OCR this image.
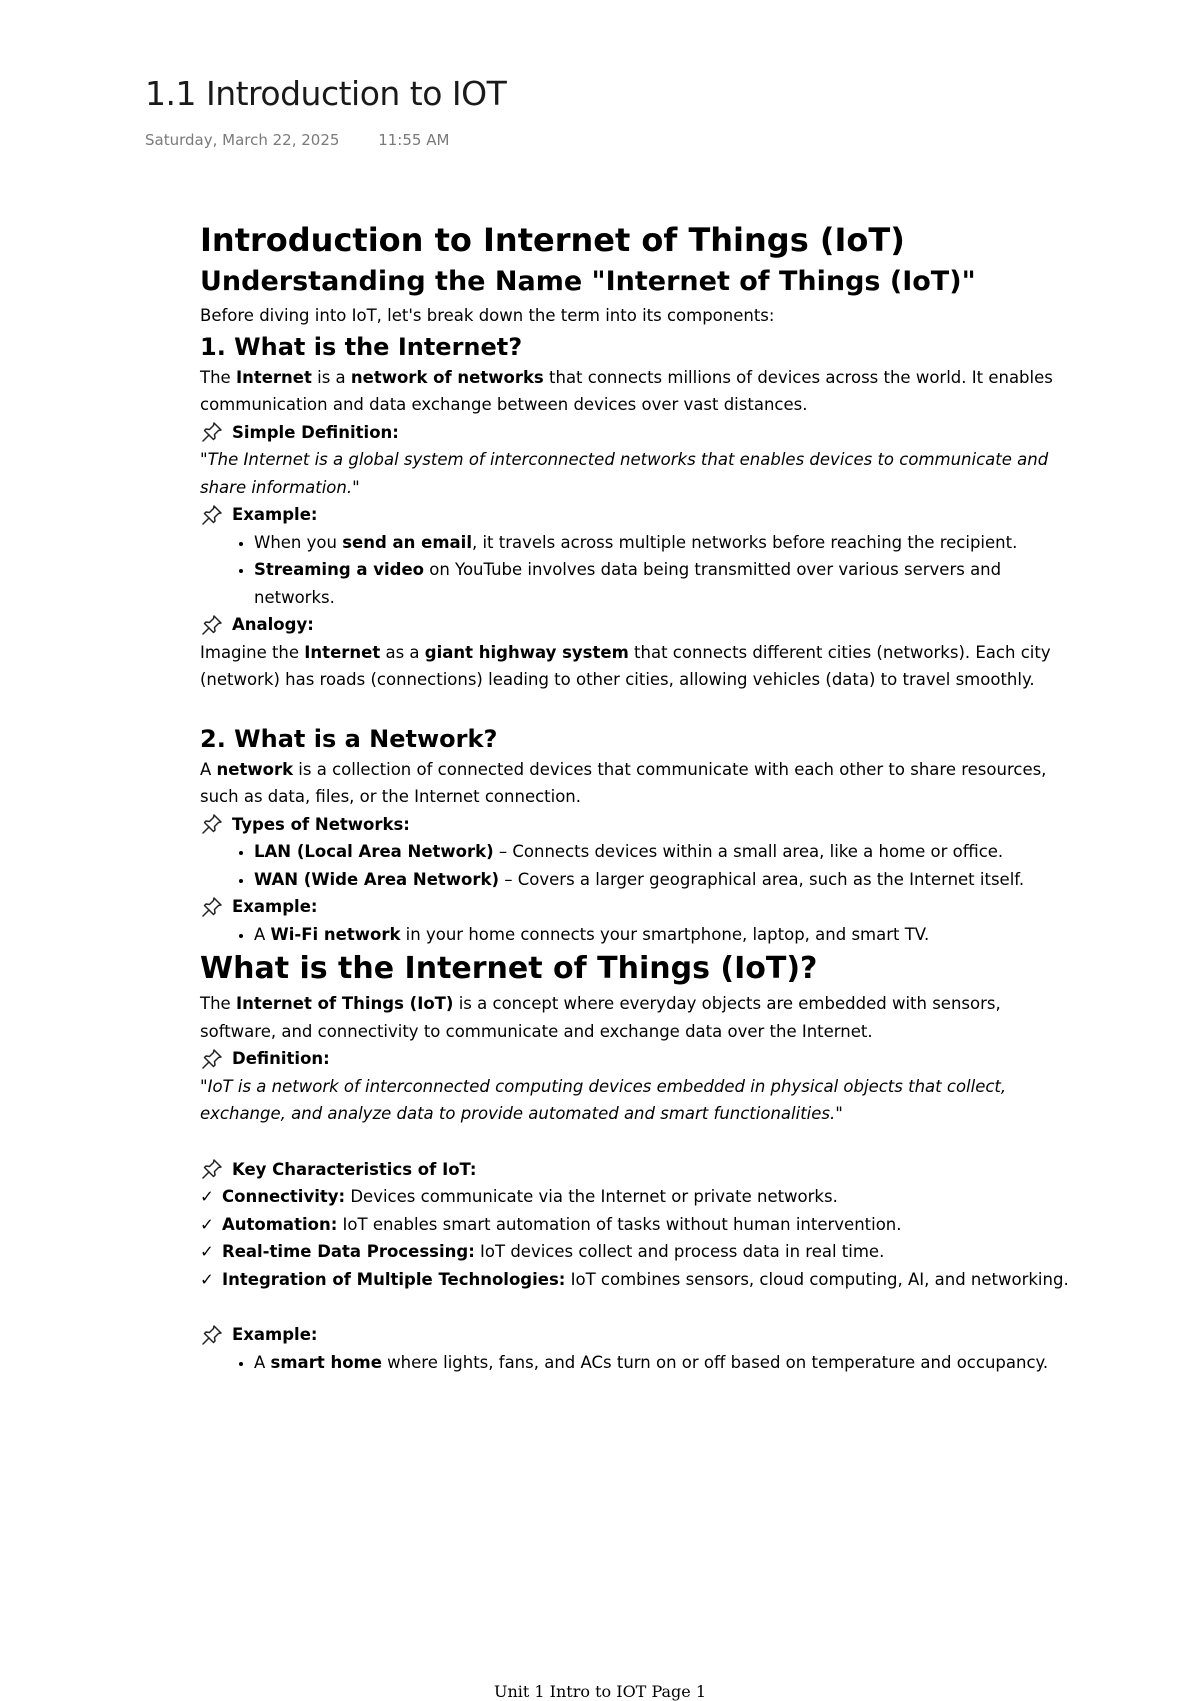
1.1 Introduction to IOT
Saturday, March 22, 2025	11:55 AM

Introduction to Internet of Things (IoT)

Understanding the Name "Internet of Things (IoT)"

Before diving into IoT, let's break down the term into its components:

1. What is the Internet?

The Internet is a network of networks that connects millions of devices across the world. It enables communication and data exchange between devices over vast distances.

Simple Definition:

"The Internet is a global system of interconnected networks that enables devices to communicate and share information."

Example:

• When you send an email, it travels across multiple networks before reaching the recipient.
• Streaming a video on YouTube involves data being transmitted over various servers and networks.

Analogy:

Imagine the Internet as a giant highway system that connects different cities (networks). Each city (network) has roads (connections) leading to other cities, allowing vehicles (data) to travel smoothly.

2. What is a Network?

A network is a collection of connected devices that communicate with each other to share resources, such as data, files, or the Internet connection.

Types of Networks:

• LAN (Local Area Network) – Connects devices within a small area, like a home or office.
• WAN (Wide Area Network) – Covers a larger geographical area, such as the Internet itself.

Example:

• A Wi-Fi network in your home connects your smartphone, laptop, and smart TV.

What is the Internet of Things (IoT)?

The Internet of Things (IoT) is a concept where everyday objects are embedded with sensors, software, and connectivity to communicate and exchange data over the Internet.

Definition:

"IoT is a network of interconnected computing devices embedded in physical objects that collect, exchange, and analyze data to provide automated and smart functionalities."

Key Characteristics of IoT:

✓ Connectivity: Devices communicate via the Internet or private networks.

✓ Automation: IoT enables smart automation of tasks without human intervention.

✓ Real-time Data Processing: IoT devices collect and process data in real time.

✓ Integration of Multiple Technologies: IoT combines sensors, cloud computing, AI, and networking.

Example:

• A smart home where lights, fans, and ACs turn on or off based on temperature and occupancy.
Unit 1 Intro to IOT Page 1
